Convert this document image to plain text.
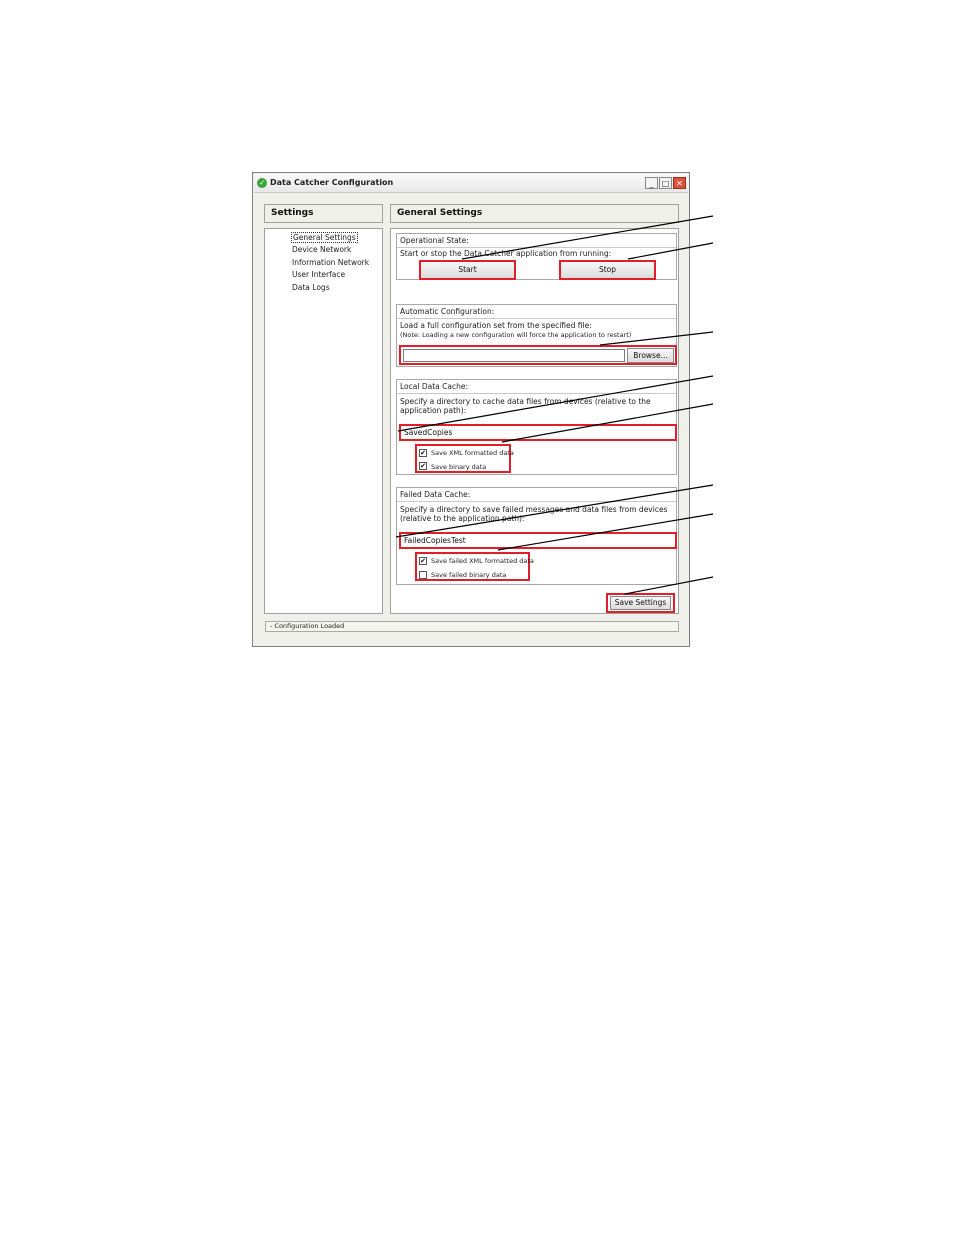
✓ Data Catcher Configuration	_	□ ✕
Settings
General Settings
Device Network
Information Network
User Interface
Data Logs
General Settings
Operational State:
Start or stop the Data Catcher application from running:
Start	Stop
Automatic Configuration:
Load a full configuration set from the specified file:
(Note: Loading a new configuration will force the application to restart)
Browse...
Local Data Cache:
Specify a directory to cache data files from devices (relative to the
application path):
SavedCopies
✔ Save XML formatted data
✔ Save binary data
Failed Data Cache:
Specify a directory to save failed messages and data files from devices
(relative to the application path):
FailedCopiesTest
✔ Save failed XML formatted data
Save failed binary data
Save Settings
- Configuration Loaded
